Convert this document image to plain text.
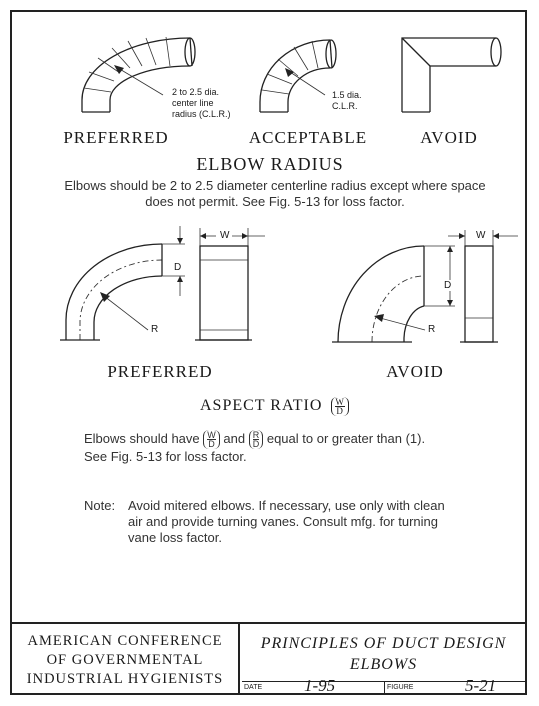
2 to 2.5 dia.
center line
radius (C.L.R.)
1.5 dia.
C.L.R.
PREFERRED	ACCEPTABLE	AVOID
ELBOW RADIUS
Elbows should be 2 to 2.5 diameter centerline radius except where space does not permit. See Fig. 5-13 for loss factor.
W
D
R
W
D
R
PREFERRED	AVOID
ASPECT RATIO $\frac{W}{D}$
Elbows should have $\frac{W}{D}$ and $\frac{R}{D}$ equal to or greater than (1).
See Fig. 5-13 for loss factor.
Note: Avoid mitered elbows. If necessary, use only with clean
air and provide turning vanes. Consult mfg. for turning
vane loss factor.
AMERICAN CONFERENCE
OF GOVERNMENTAL
INDUSTRIAL HYGIENISTS
PRINCIPLES OF DUCT DESIGN
ELBOWS
DATE 1-95	FIGURE	5-21
